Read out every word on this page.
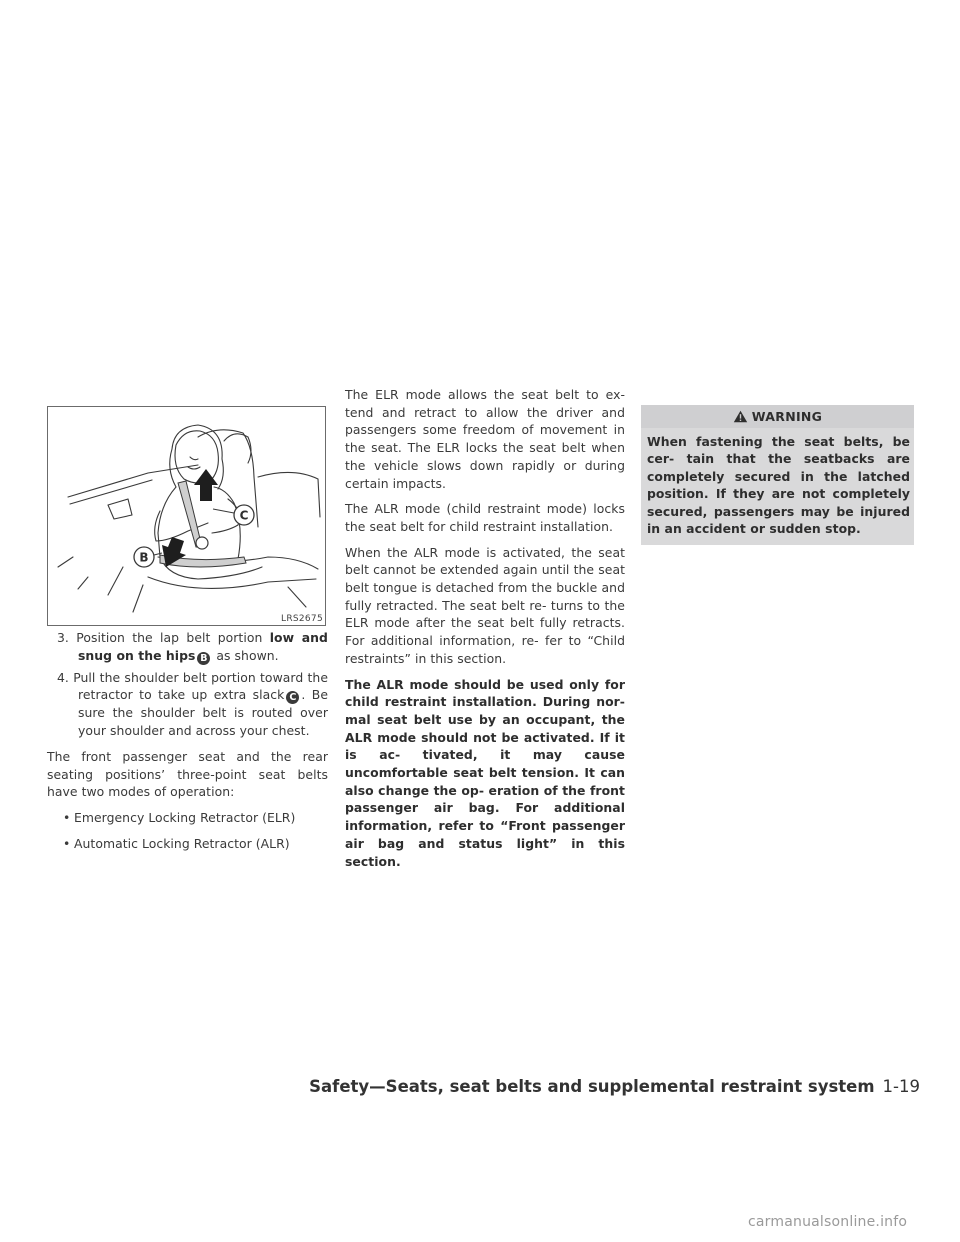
C
B
LRS2675

3. Position the lap belt portion low and snug on the hips B as shown.

4. Pull the shoulder belt portion toward the retractor to take up extra slack C . Be sure the shoulder belt is routed over your shoulder and across your chest.

The front passenger seat and the rear seating positions’ three-point seat belts have two modes of operation:

• Emergency Locking Retractor (ELR)

• Automatic Locking Retractor (ALR)

The ELR mode allows the seat belt to ex- tend and retract to allow the driver and passengers some freedom of movement in the seat. The ELR locks the seat belt when the vehicle slows down rapidly or during certain impacts.

The ALR mode (child restraint mode) locks the seat belt for child restraint installation.

When the ALR mode is activated, the seat belt cannot be extended again until the seat belt tongue is detached from the buckle and fully retracted. The seat belt re- turns to the ELR mode after the seat belt fully retracts. For additional information, re- fer to “Child restraints” in this section.

The ALR mode should be used only for child restraint installation. During nor- mal seat belt use by an occupant, the ALR mode should not be activated. If it is ac- tivated, it may cause uncomfortable seat belt tension. It can also change the op- eration of the front passenger air bag. For additional information, refer to “Front passenger air bag and status light” in this section.

WARNING
When fastening the seat belts, be cer- tain that the seatbacks are completely secured in the latched position. If they are not completely secured, passengers may be injured in an accident or sudden stop.
Safety—Seats, seat belts and supplemental restraint system 1-19
carmanualsonline.info
